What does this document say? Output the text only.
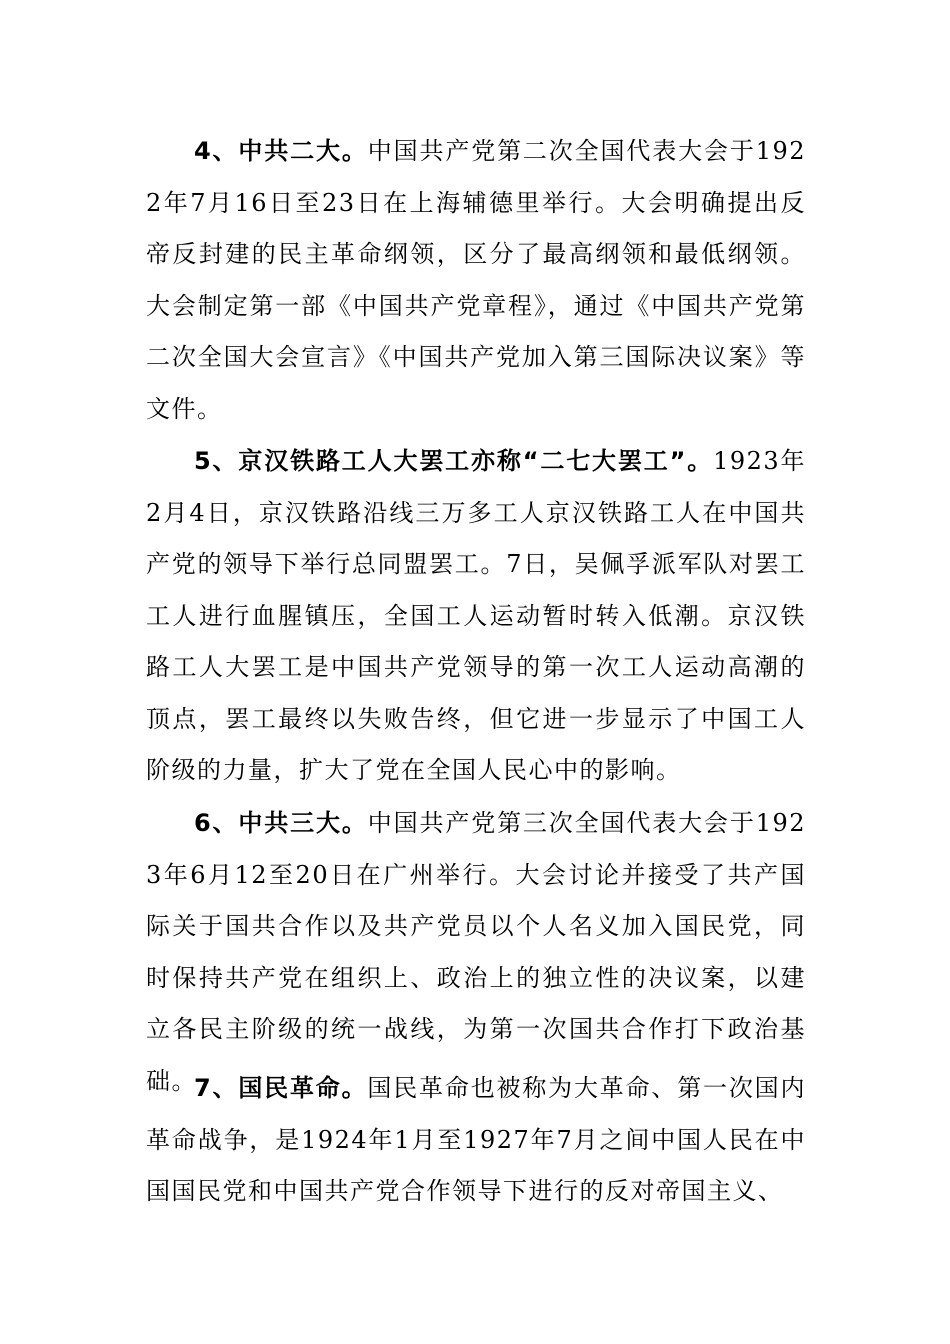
4、中共二大。中国共产党第二次全国代表大会于1922年7月16日至23日在上海辅德里举行。大会明确提出反帝反封建的民主革命纲领，区分了最高纲领和最低纲领。大会制定第一部《中国共产党章程》，通过《中国共产党第二次全国大会宣言》《中国共产党加入第三国际决议案》等文件。

5、京汉铁路工人大罢工亦称“二七大罢工”。1923年2月4日，京汉铁路沿线三万多工人京汉铁路工人在中国共产党的领导下举行总同盟罢工。7日，吴佩孚派军队对罢工工人进行血腥镇压，全国工人运动暂时转入低潮。京汉铁路工人大罢工是中国共产党领导的第一次工人运动高潮的顶点，罢工最终以失败告终，但它进一步显示了中国工人阶级的力量，扩大了党在全国人民心中的影响。

6、中共三大。中国共产党第三次全国代表大会于1923年6月12至20日在广州举行。大会讨论并接受了共产国际关于国共合作以及共产党员以个人名义加入国民党，同时保持共产党在组织上、政治上的独立性的决议案，以建立各民主阶级的统一战线，为第一次国共合作打下政治基础。

7、国民革命。国民革命也被称为大革命、第一次国内革命战争，是1924年1月至1927年7月之间中国人民在中国国民党和中国共产党合作领导下进行的反对帝国主义、
